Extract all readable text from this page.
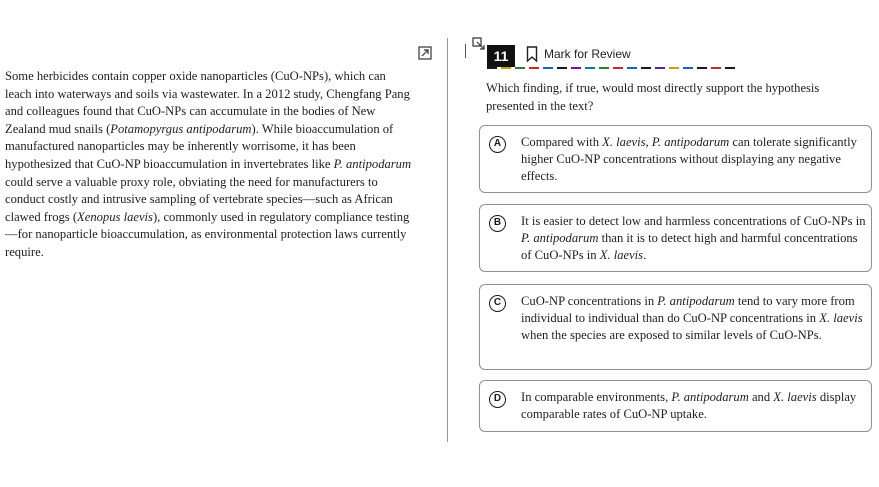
Some herbicides contain copper oxide nanoparticles (CuO-NPs), which can leach into waterways and soils via wastewater. In a 2012 study, Chengfang Pang and colleagues found that CuO-NPs can accumulate in the bodies of New Zealand mud snails (Potamopyrgus antipodarum). While bioaccumulation of manufactured nanoparticles may be inherently worrisome, it has been hypothesized that CuO-NP bioaccumulation in invertebrates like P. antipodarum could serve a valuable proxy role, obviating the need for manufacturers to conduct costly and intrusive sampling of vertebrate species—such as African clawed frogs (Xenopus laevis), commonly used in regulatory compliance testing—for nanoparticle bioaccumulation, as environmental protection laws currently require.
11	Mark for Review
Which finding, if true, would most directly support the hypothesis presented in the text?
A	Compared with X. laevis, P. antipodarum can tolerate significantly higher CuO-NP concentrations without displaying any negative effects.
B	It is easier to detect low and harmless concentrations of CuO-NPs in P. antipodarum than it is to detect high and harmful concentrations of CuO-NPs in X. laevis.
C	CuO-NP concentrations in P. antipodarum tend to vary more from individual to individual than do CuO-NP concentrations in X. laevis when the species are exposed to similar levels of CuO-NPs.
D	In comparable environments, P. antipodarum and X. laevis display comparable rates of CuO-NP uptake.
